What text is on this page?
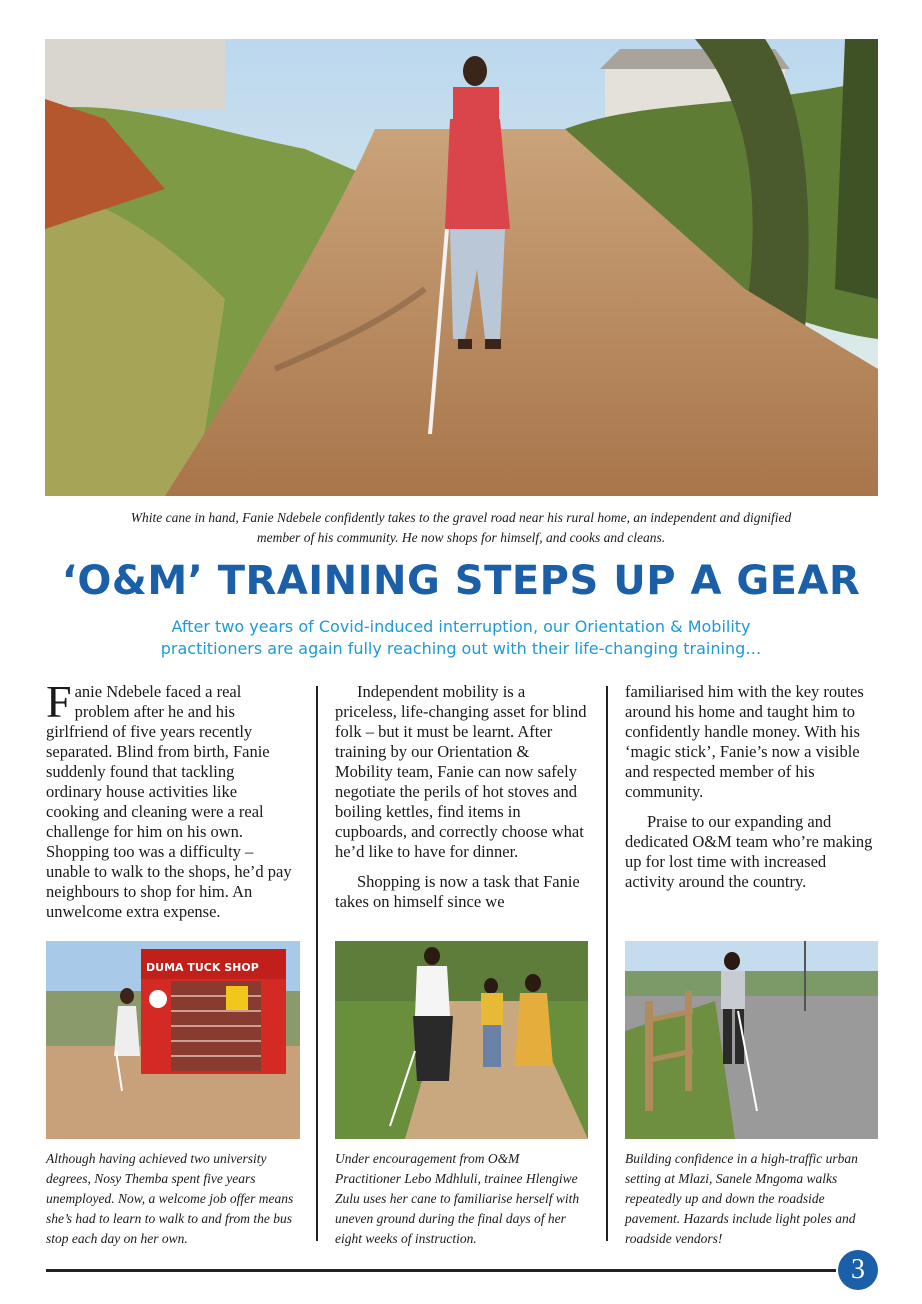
White cane in hand, Fanie Ndebele confidently takes to the gravel road near his rural home, an independent and dignified member of his community. He now shops for himself, and cooks and cleans.
‘O&M’ TRAINING STEPS UP A GEAR
After two years of Covid-induced interruption, our Orientation & Mobility practitioners are again fully reaching out with their life-changing training…

Fanie Ndebele faced a real problem after he and his girlfriend of five years recently separated. Blind from birth, Fanie suddenly found that tackling ordinary house activities like cooking and cleaning were a real challenge for him on his own. Shopping too was a difficulty – unable to walk to the shops, he’d pay neighbours to shop for him. An unwelcome extra expense.

Independent mobility is a priceless, life-changing asset for blind folk – but it must be learnt. After training by our Orientation & Mobility team, Fanie can now safely negotiate the perils of hot stoves and boiling kettles, find items in cupboards, and correctly choose what he’d like to have for dinner.

Shopping is now a task that Fanie takes on himself since we

familiarised him with the key routes around his home and taught him to confidently handle money. With his ‘magic stick’, Fanie’s now a visible and respected member of his community.

Praise to our expanding and dedicated O&M team who’re making up for lost time with increased activity around the country.

DUMA TUCK SHOP
Although having achieved two university degrees, Nosy Themba spent five years unemployed. Now, a welcome job offer means she’s had to learn to walk to and from the bus stop each day on her own.
Under encouragement from O&M Practitioner Lebo Mdhluli, trainee Hlengiwe Zulu uses her cane to familiarise herself with uneven ground during the final days of her eight weeks of instruction.
Building confidence in a high-traffic urban setting at Mlazi, Sanele Mngoma walks repeatedly up and down the roadside pavement. Hazards include light poles and roadside vendors!
3
